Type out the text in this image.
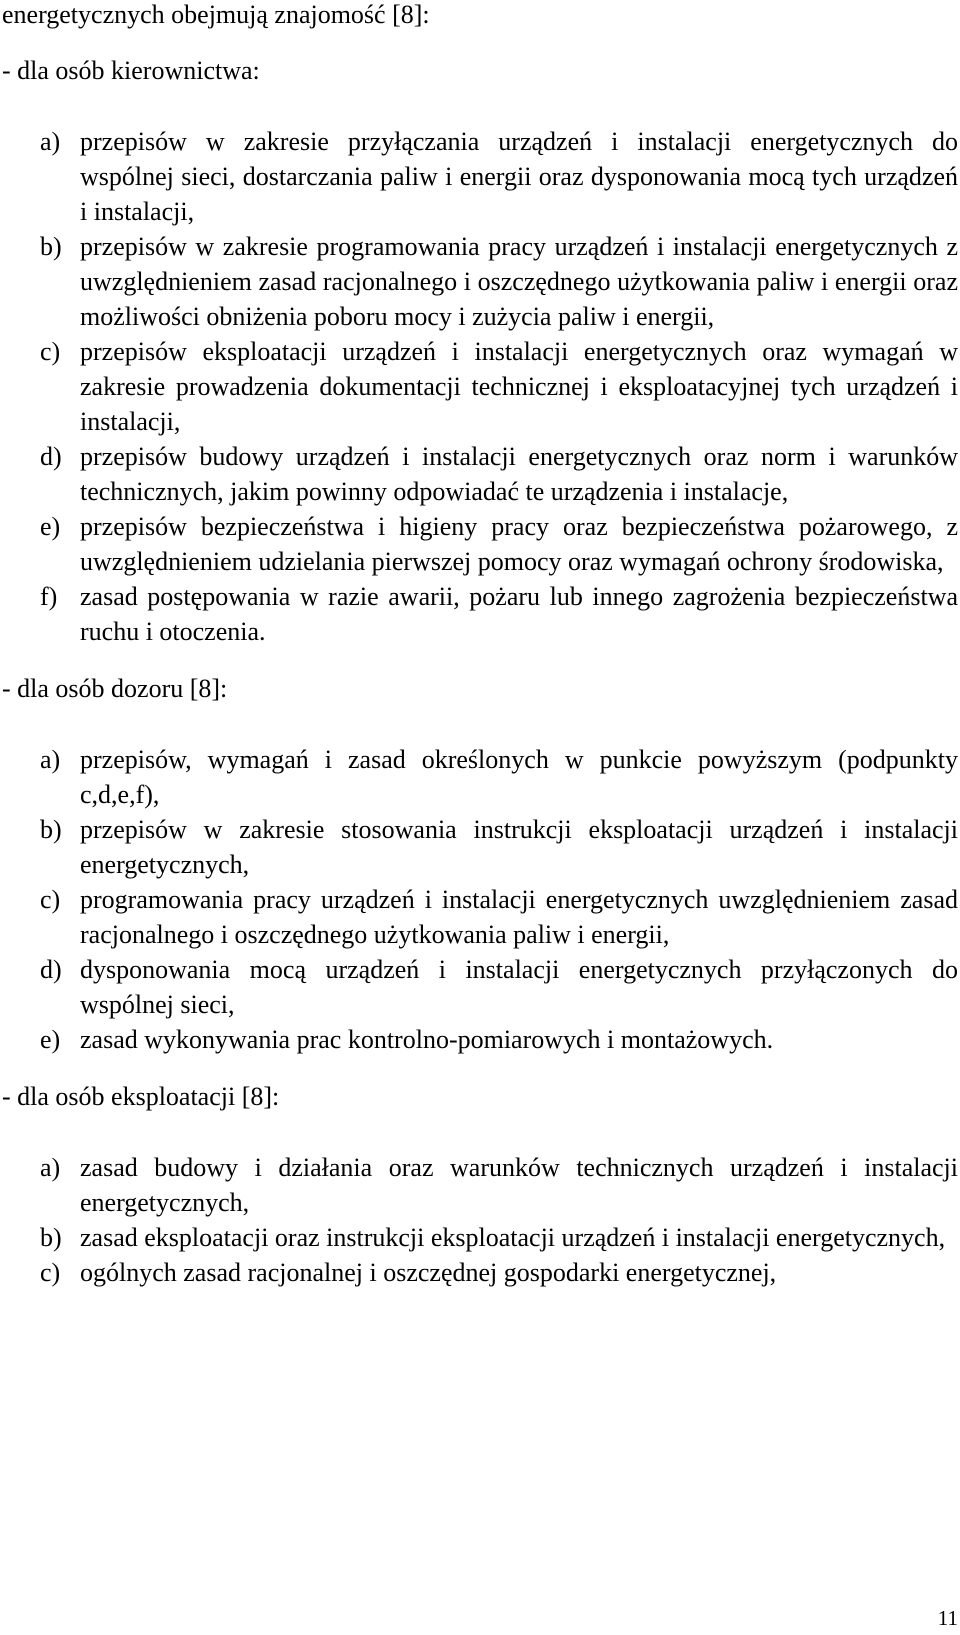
energetycznych obejmują znajomość [8]:
- dla osób kierownictwa:
a) przepisów w zakresie przyłączania urządzeń i instalacji energetycznych do wspólnej sieci, dostarczania paliw i energii oraz dysponowania mocą tych urządzeń i instalacji,
b) przepisów w zakresie programowania pracy urządzeń i instalacji energetycznych z uwzględnieniem zasad racjonalnego i oszczędnego użytkowania paliw i energii oraz możliwości obniżenia poboru mocy i zużycia paliw i energii,
c) przepisów eksploatacji urządzeń i instalacji energetycznych oraz wymagań w zakresie prowadzenia dokumentacji technicznej i eksploatacyjnej tych urządzeń i instalacji,
d) przepisów budowy urządzeń i instalacji energetycznych oraz norm i warunków technicznych, jakim powinny odpowiadać te urządzenia i instalacje,
e) przepisów bezpieczeństwa i higieny pracy oraz bezpieczeństwa pożarowego, z uwzględnieniem udzielania pierwszej pomocy oraz wymagań ochrony środowiska,
f) zasad postępowania w razie awarii, pożaru lub innego zagrożenia bezpieczeństwa ruchu i otoczenia.
- dla osób dozoru [8]:
a) przepisów, wymagań i zasad określonych w punkcie powyższym (podpunkty c,d,e,f),
b) przepisów w zakresie stosowania instrukcji eksploatacji urządzeń i instalacji energetycznych,
c) programowania pracy urządzeń i instalacji energetycznych uwzględnieniem zasad racjonalnego i oszczędnego użytkowania paliw i energii,
d) dysponowania mocą urządzeń i instalacji energetycznych przyłączonych do wspólnej sieci,
e) zasad wykonywania prac kontrolno-pomiarowych i montażowych.
- dla osób eksploatacji [8]:
a) zasad budowy i działania oraz warunków technicznych urządzeń i instalacji energetycznych,
b) zasad eksploatacji oraz instrukcji eksploatacji urządzeń i instalacji energetycznych,
c) ogólnych zasad racjonalnej i oszczędnej gospodarki energetycznej,
11
